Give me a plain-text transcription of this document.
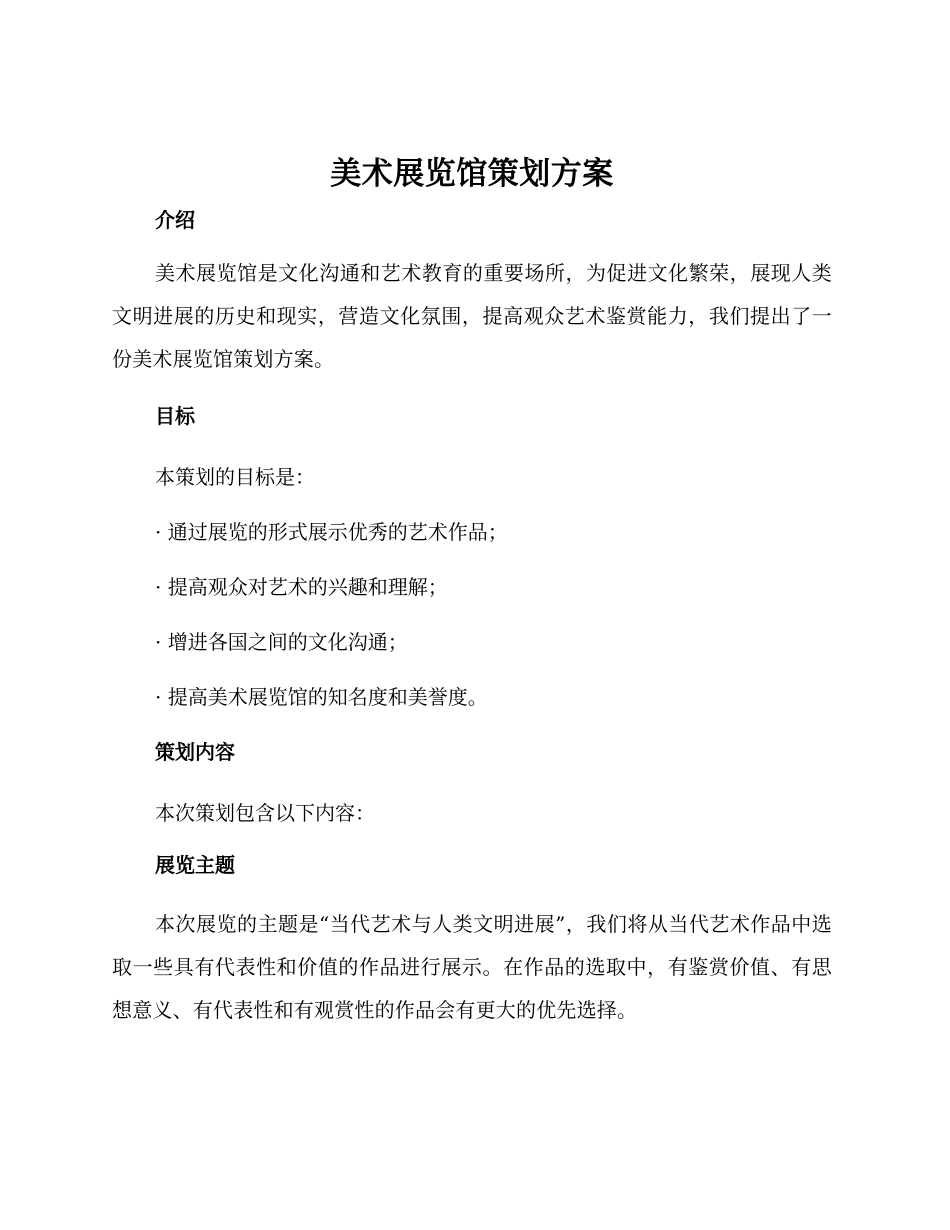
美术展览馆策划方案
介绍

美术展览馆是文化沟通和艺术教育的重要场所，为促进文化繁荣，展现人类文明进展的历史和现实，营造文化氛围，提高观众艺术鉴赏能力，我们提出了一份美术展览馆策划方案。

目标

本策划的目标是：

· 通过展览的形式展示优秀的艺术作品；

· 提高观众对艺术的兴趣和理解；

· 增进各国之间的文化沟通；

· 提高美术展览馆的知名度和美誉度。

策划内容

本次策划包含以下内容：

展览主题

本次展览的主题是“当代艺术与人类文明进展”，我们将从当代艺术作品中选取一些具有代表性和价值的作品进行展示。在作品的选取中，有鉴赏价值、有思想意义、有代表性和有观赏性的作品会有更大的优先选择。
